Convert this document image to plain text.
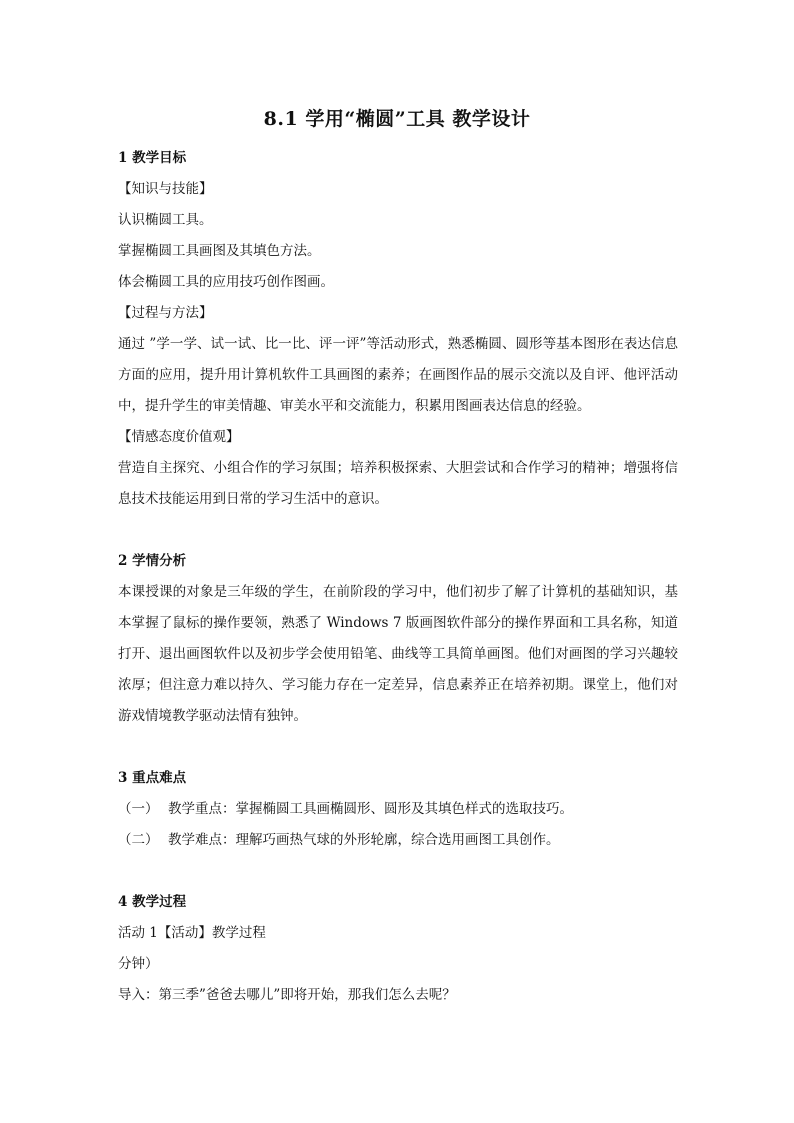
8.1 学用“椭圆”工具 教学设计
1 教学目标
【知识与技能】
认识椭圆工具。
掌握椭圆工具画图及其填色方法。
体会椭圆工具的应用技巧创作图画。
【过程与方法】
通过 ”学一学、试一试、比一比、评一评”等活动形式，熟悉椭圆、圆形等基本图形在表达信息方面的应用，提升用计算机软件工具画图的素养；在画图作品的展示交流以及自评、他评活动中，提升学生的审美情趣、审美水平和交流能力，积累用图画表达信息的经验。
【情感态度价值观】
营造自主探究、小组合作的学习氛围；培养积极探索、大胆尝试和合作学习的精神；增强将信息技术技能运用到日常的学习生活中的意识。
2 学情分析
本课授课的对象是三年级的学生，在前阶段的学习中，他们初步了解了计算机的基础知识，基本掌握了鼠标的操作要领，熟悉了 Windows 7 版画图软件部分的操作界面和工具名称，知道打开、退出画图软件以及初步学会使用铅笔、曲线等工具简单画图。他们对画图的学习兴趣较浓厚；但注意力难以持久、学习能力存在一定差异，信息素养正在培养初期。课堂上，他们对游戏情境教学驱动法情有独钟。
3 重点难点
（一） 教学重点：掌握椭圆工具画椭圆形、圆形及其填色样式的选取技巧。
（二） 教学难点：理解巧画热气球的外形轮廓，综合选用画图工具创作。
4 教学过程
活动 1【活动】教学过程
分钟）
导入：第三季”爸爸去哪儿”即将开始，那我们怎么去呢？
